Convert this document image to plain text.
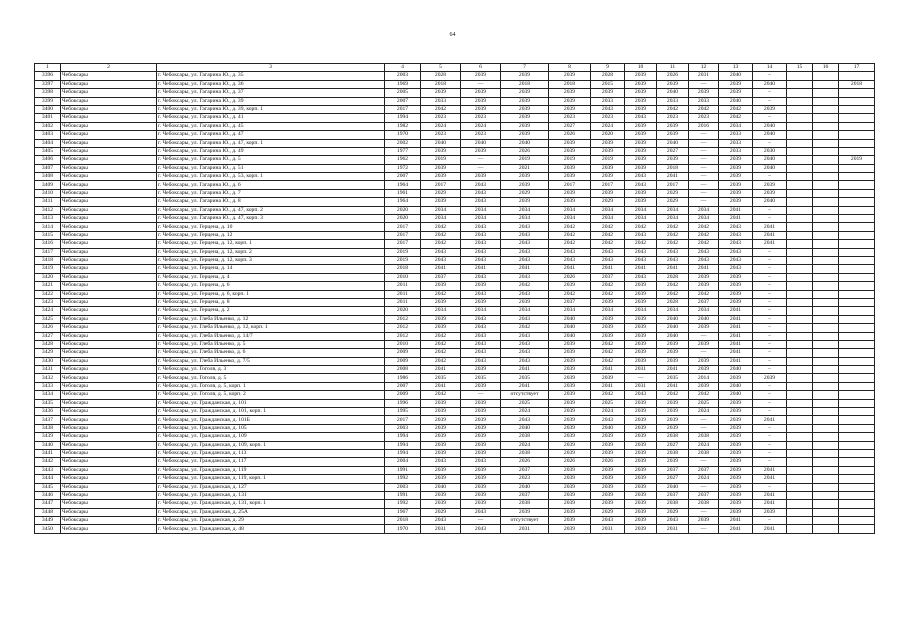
64
1	2	3	4	5	6	7	8	9	10	11	12	13	14	15	16	17
3396	Чебоксары	г. Чебоксары, ул. Гагарина Ю., д. 35	2003	2028	2039	2039	2039	2028	2039	2026	2031	2040	–			
3397	Чебоксары	г. Чебоксары, ул. Гагарина Ю., д. 36	1969	2018	—	2018	2018	2015	2039	2039	—	2039	2040			2018
3398	Чебоксары	г. Чебоксары, ул. Гагарина Ю., д. 37	2005	2039	2039	2039	2039	2039	2039	2040	2039	2039	–			
3399	Чебоксары	г. Чебоксары, ул. Гагарина Ю., д. 39	2007	2033	2039	2039	2039	2033	2039	2033	2033	2040	–			
3400	Чебоксары	г. Чебоксары, ул. Гагарина Ю., д. 39, корп. 1	2017	2042	2039	2039	2039	2043	2039	2042	2042	2042	2039			
3401	Чебоксары	г. Чебоксары, ул. Гагарина Ю., д. 41	1994	2023	2023	2039	2023	2023	2043	2023	2023	2042	–			
3402	Чебоксары	г. Чебоксары, ул. Гагарина Ю., д. 45	1982	2024	2024	2039	2027	2024	2039	2039	2016	2034	2040			
3403	Чебоксары	г. Чебоксары, ул. Гагарина Ю., д. 47	1970	2023	2023	2039	2026	2020	2039	2039	—	2033	2040			
3404	Чебоксары	г. Чебоксары, ул. Гагарина Ю., д. 47, корп. 1	2002	2040	2040	2040	2039	2039	2039	2040	—	2033	–			
3405	Чебоксары	г. Чебоксары, ул. Гагарина Ю., д. 49	1977	2039	2039	2026	2039	2039	2039	2027	—	2033	2030			
3406	Чебоксары	г. Чебоксары, ул. Гагарина Ю., д. 5	1962	2019	—	2019	2019	2019	2039	2039	—	2039	2040			2019
3407	Чебоксары	г. Чебоксары, ул. Гагарина Ю., д. 51	1972	2039	—	2021	2039	2039	2039	2018	—	2039	2040			
3408	Чебоксары	г. Чебоксары, ул. Гагарина Ю., д. 53, корп. 1	2007	2039	2039	2039	2039	2039	2043	2041	—	2039	–			
3409	Чебоксары	г. Чебоксары, ул. Гагарина Ю., д. 6	1964	2017	2043	2039	2017	2017	2043	2017	—	2039	2039			
3410	Чебоксары	г. Чебоксары, ул. Гагарина Ю., д. 7	1961	2029	2043	2029	2039	2039	2039	2029	—	2039	2039			
3411	Чебоксары	г. Чебоксары, ул. Гагарина Ю., д. 8	1964	2039	2043	2039	2039	2029	2039	2029	—	2039	2040			
3412	Чебоксары	г. Чебоксары, ул. Гагарина Ю., д. 47, корп. 2	2020	2034	2034	2034	2034	2034	2034	2034	2034	2041	–			
3413	Чебоксары	г. Чебоксары, ул. Гагарина Ю., д. 47, корп. 3	2020	2034	2034	2034	2034	2034	2034	2034	2034	2041	–			
3414	Чебоксары	г. Чебоксары, ул. Герцена, д. 10	2017	2042	2043	2043	2042	2042	2042	2042	2042	2043	2041			
3415	Чебоксары	г. Чебоксары, ул. Герцена, д. 12	2017	2042	2043	2043	2042	2042	2043	2042	2042	2043	2041			
3416	Чебоксары	г. Чебоксары, ул. Герцена, д. 12, корп. 1	2017	2042	2043	2043	2042	2042	2042	2042	2042	2043	2041			
3417	Чебоксары	г. Чебоксары, ул. Герцена, д. 12, корп. 2	2019	2043	2043	2043	2043	2043	2043	2043	2043	2043	–			
3418	Чебоксары	г. Чебоксары, ул. Герцена, д. 12, корп. 3	2019	2043	2043	2043	2043	2043	2043	2043	2043	2043	–			
3419	Чебоксары	г. Чебоксары, ул. Герцена, д. 14	2018	2041	2041	2041	2041	2041	2041	2041	2041	2043	–			
3420	Чебоксары	г. Чебоксары, ул. Герцена, д. 4	2010	2037	2043	2043	2026	2037	2043	2028	2039	2039	–			
3421	Чебоксары	г. Чебоксары, ул. Герцена, д. 6	2011	2039	2039	2042	2039	2042	2039	2042	2039	2039	–			
3422	Чебоксары	г. Чебоксары, ул. Герцена, д. 6, корп. 1	2011	2042	2043	2043	2042	2042	2039	2042	2042	2039	–			
3423	Чебоксары	г. Чебоксары, ул. Герцена, д. 8	2011	2039	2039	2039	2037	2039	2039	2028	2037	2039	–			
3424	Чебоксары	г. Чебоксары, ул. Герцена, д. 2	2020	2034	2034	2034	2034	2034	2034	2034	2034	2041	–			
3425	Чебоксары	г. Чебоксары, ул. Глеба Ильенко, д. 12	2012	2039	2043	2043	2040	2039	2039	2040	2040	2041	–			
3426	Чебоксары	г. Чебоксары, ул. Глеба Ильенко, д. 12, корп. 1	2012	2039	2043	2042	2040	2039	2039	2040	2039	2041	–			
3427	Чебоксары	г. Чебоксары, ул. Глеба Ильенко, д. 14/7	2012	2042	2043	2043	2040	2039	2039	2040	—	2041	–			
3428	Чебоксары	г. Чебоксары, ул. Глеба Ильенко, д. 5	2010	2042	2043	2043	2039	2042	2039	2039	2039	2041	–			
3429	Чебоксары	г. Чебоксары, ул. Глеба Ильенко, д. 6	2009	2042	2043	2043	2039	2042	2039	2039	—	2041	–			
3430	Чебоксары	г. Чебоксары, ул. Глеба Ильенко, д. 7/5	2009	2042	2043	2043	2039	2042	2039	2039	2039	2041	–			
3431	Чебоксары	г. Чебоксары, ул. Гоголя, д. 3	2008	2041	2039	2041	2039	2041	2031	2041	2039	2040	–			
3432	Чебоксары	г. Чебоксары, ул. Гоголя, д. 5	1986	2035	2035	2035	2039	2039	—	2035	2014	2039	2039			
3433	Чебоксары	г. Чебоксары, ул. Гоголя, д. 5, корп. 1	2007	2041	2039	2041	2039	2041	2031	2041	2039	2040	–			
3434	Чебоксары	г. Чебоксары, ул. Гоголя, д. 5, корп. 2	2009	2042	—	отсутствует	2039	2042	2043	2042	2042	2040	–			
3435	Чебоксары	г. Чебоксары, ул. Гражданская, д. 101	1996	2039	2039	2025	2039	2025	2039	2039	2025	2039	–			
3436	Чебоксары	г. Чебоксары, ул. Гражданская, д. 101, корп. 1	1995	2039	2039	2024	2039	2024	2039	2039	2024	2039	–			
3437	Чебоксары	г. Чебоксары, ул. Гражданская, д. 101Б	2017	2039	2039	2043	2039	2043	2039	2039	—	2039	2041			
3438	Чебоксары	г. Чебоксары, ул. Гражданская, д. 105	2003	2039	2039	2040	2039	2040	2039	2039	—	2039	–			
3439	Чебоксары	г. Чебоксары, ул. Гражданская, д. 109	1994	2039	2039	2038	2039	2039	2039	2038	2038	2039	–			
3440	Чебоксары	г. Чебоксары, ул. Гражданская, д. 109, корп. 1	1994	2039	2039	2024	2039	2039	2039	2027	2024	2039	–			
3441	Чебоксары	г. Чебоксары, ул. Гражданская, д. 113	1994	2039	2039	2038	2039	2039	2039	2038	2038	2039	–			
3442	Чебоксары	г. Чебоксары, ул. Гражданская, д. 117	2004	2043	2043	2026	2026	2026	2039	2039	—	2039	–			
3443	Чебоксары	г. Чебоксары, ул. Гражданская, д. 119	1991	2039	2039	2037	2039	2039	2039	2037	2037	2039	2041			
3444	Чебоксары	г. Чебоксары, ул. Гражданская, д. 119, корп. 1	1992	2039	2039	2023	2039	2039	2039	2027	2024	2039	2041			
3445	Чебоксары	г. Чебоксары, ул. Гражданская, д. 127	2003	2040	2039	2040	2039	2039	2039	2040	—	2039	–			
3446	Чебоксары	г. Чебоксары, ул. Гражданская, д. 131	1991	2039	2039	2037	2039	2039	2039	2037	2037	2039	2041			
3447	Чебоксары	г. Чебоксары, ул. Гражданская, д. 131, корп. 1	1992	2039	2039	2038	2039	2039	2039	2038	2038	2039	2041			
3448	Чебоксары	г. Чебоксары, ул. Гражданская, д. 25А	1967	2029	2043	2039	2039	2029	2039	2029	—	2039	2039			
3449	Чебоксары	г. Чебоксары, ул. Гражданская, д. 29	2018	2043	—	отсутствует	2039	2043	2039	2043	2039	2041	–			
3450	Чебоксары	г. Чебоксары, ул. Гражданская, д. 48	1970	2031	2043	2031	2039	2031	2039	2031	—	2041	2041			
